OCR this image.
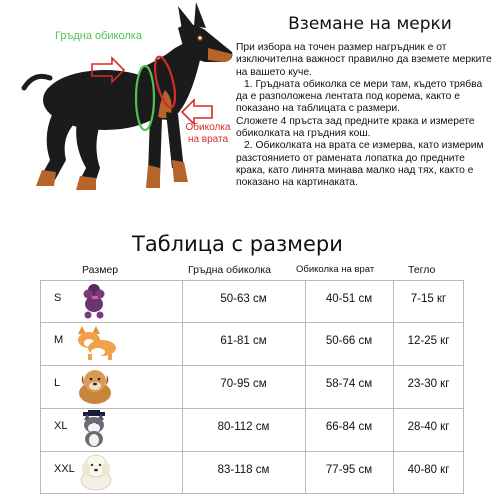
Гръдна обиколка
Обиколка
на врата
Вземане на мерки

При избора на точен размер нагръдник е от изключителна важност правилно да вземете мерките на вашето куче.

1. Гръдната обиколка се мери там, където трябва да е разположена лентата под корема, както е показано на таблицата с размери.

Сложете 4 пръста зад предните крака и измерете обиколката на гръдния кош.

2. Обиколката на врата се измерва, като измерим разстоянието от рамената лопатка до предните крака, като линята минава малко над тях, както е показано на картинаката.

Таблица с размери
Размер	Гръдна обиколка	Обиколка на врат	Тегло
S	50-63 см	40-51 см	7-15 кг
M	61-81 см	50-66 см	12-25 кг
L	70-95 см	58-74 см	23-30 кг
XL	80-112 см	66-84 см	28-40 кг
XXL	83-118 см	77-95 см	40-80 кг
